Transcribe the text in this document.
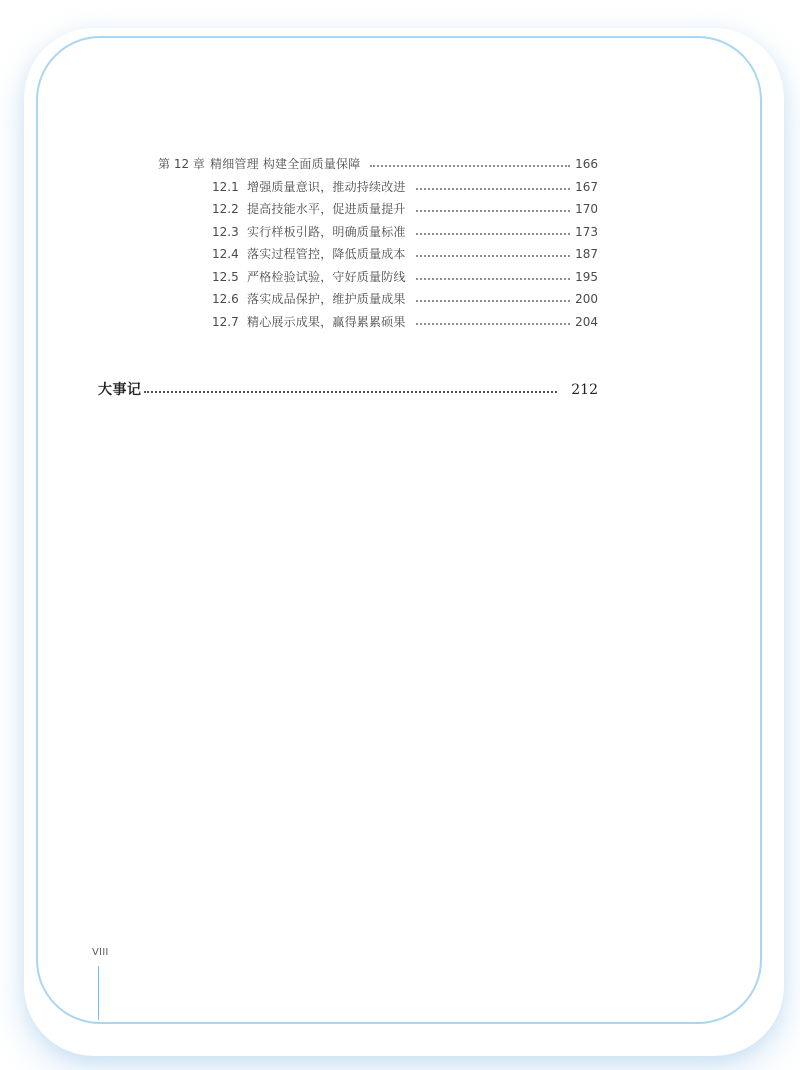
第 12 章 精细管理 构建全面质量保障	166
12.1 增强质量意识，推动持续改进	167
12.2 提高技能水平，促进质量提升	170
12.3 实行样板引路，明确质量标准	173
12.4 落实过程管控，降低质量成本	187
12.5 严格检验试验，守好质量防线	195
12.6 落实成品保护，维护质量成果	200
12.7 精心展示成果，赢得累累硕果	204
大事记	212
VIII
